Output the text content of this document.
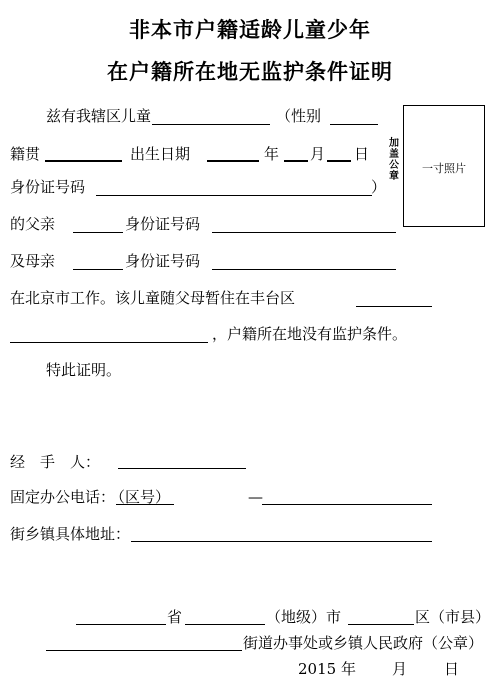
非本市户籍适龄儿童少年
在户籍所在地无监护条件证明
兹有我辖区儿童	（性别
籍贯	出生日期	年 月 日
身份证号码	）
的父亲	身份证号码
及母亲	身份证号码
在北京市工作。该儿童随父母暂住在丰台区
，户籍所在地没有监护条件。
特此证明。
一寸照片
加盖公章
经　手　人：
固定办公电话：
（区号）	—
街乡镇具体地址：
省	（地级）市	区（市县）
街道办事处或乡镇人民政府（公章）
2015 年 月 日
